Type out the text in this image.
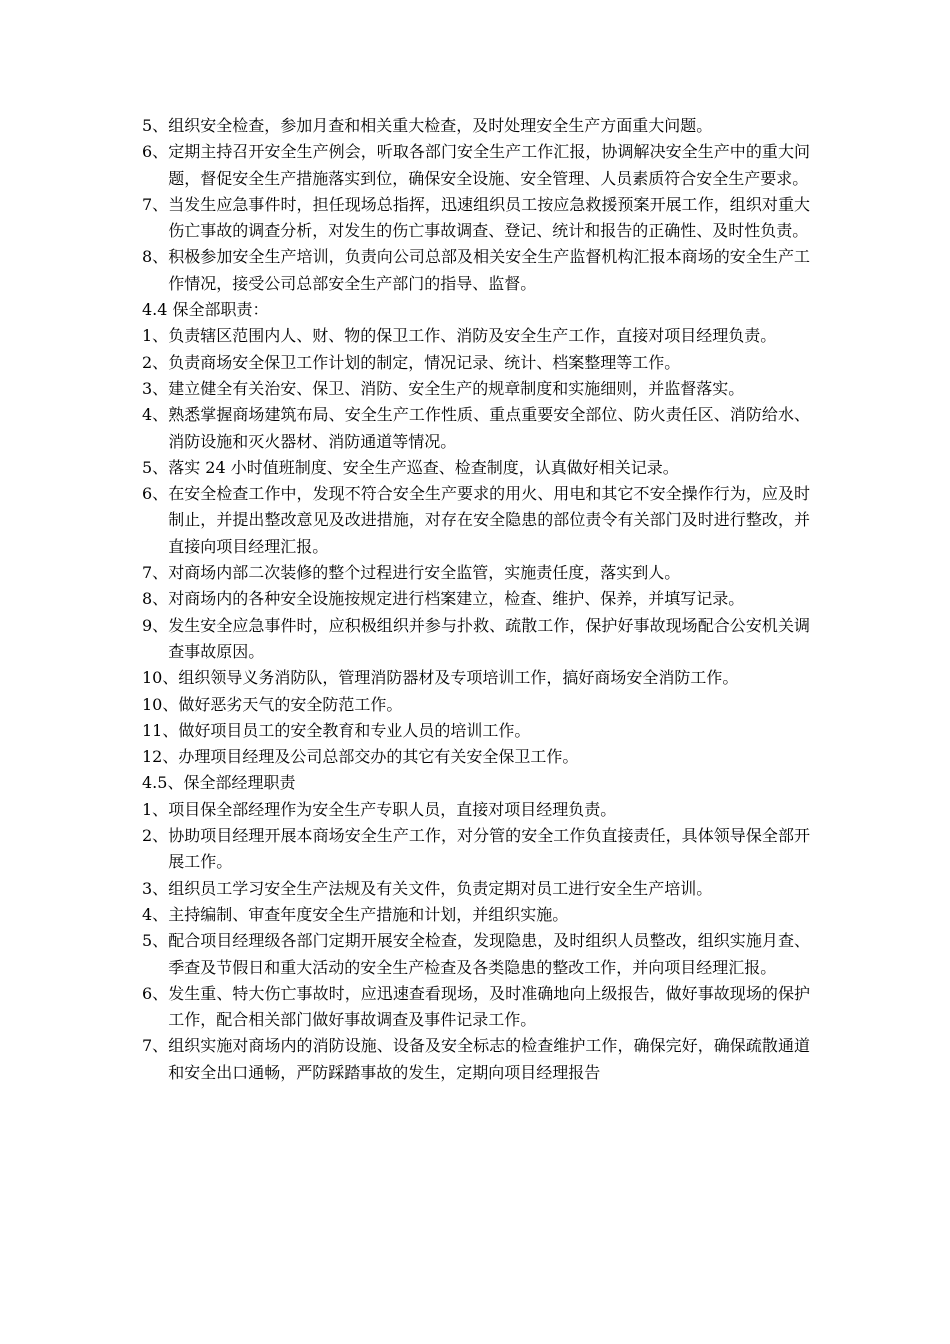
5、 组织安全检查，参加月查和相关重大检查，及时处理安全生产方面重大问题。
6、 定期主持召开安全生产例会，听取各部门安全生产工作汇报，协调解决安全生产中的重大问题，督促安全生产措施落实到位，确保安全设施、安全管理、人员素质符合安全生产要求。
7、 当发生应急事件时，担任现场总指挥，迅速组织员工按应急救援预案开展工作，组织对重大伤亡事故的调查分析，对发生的伤亡事故调查、登记、统计和报告的正确性、及时性负责。
8、 积极参加安全生产培训，负责向公司总部及相关安全生产监督机构汇报本商场的安全生产工作情况，接受公司总部安全生产部门的指导、监督。
4.4 保全部职责：
1、 负责辖区范围内人、财、物的保卫工作、消防及安全生产工作，直接对项目经理负责。
2、 负责商场安全保卫工作计划的制定，情况记录、统计、档案整理等工作。
3、 建立健全有关治安、保卫、消防、安全生产的规章制度和实施细则，并监督落实。
4、 熟悉掌握商场建筑布局、安全生产工作性质、重点重要安全部位、防火责任区、消防给水、消防设施和灭火器材、消防通道等情况。
5、 落实 24 小时值班制度、安全生产巡查、检查制度，认真做好相关记录。
6、 在安全检查工作中，发现不符合安全生产要求的用火、用电和其它不安全操作行为，应及时制止，并提出整改意见及改进措施，对存在安全隐患的部位责令有关部门及时进行整改，并直接向项目经理汇报。
7、 对商场内部二次装修的整个过程进行安全监管，实施责任度，落实到人。
8、 对商场内的各种安全设施按规定进行档案建立，检查、维护、保养，并填写记录。
9、 发生安全应急事件时，应积极组织并参与扑救、疏散工作，保护好事故现场配合公安机关调查事故原因。
10、 组织领导义务消防队，管理消防器材及专项培训工作，搞好商场安全消防工作。
10、 做好恶劣天气的安全防范工作。
11、 做好项目员工的安全教育和专业人员的培训工作。
12、 办理项目经理及公司总部交办的其它有关安全保卫工作。
4.5、保全部经理职责
1、 项目保全部经理作为安全生产专职人员，直接对项目经理负责。
2、 协助项目经理开展本商场安全生产工作，对分管的安全工作负直接责任，具体领导保全部开展工作。
3、 组织员工学习安全生产法规及有关文件，负责定期对员工进行安全生产培训。
4、 主持编制、审查年度安全生产措施和计划，并组织实施。
5、 配合项目经理级各部门定期开展安全检查，发现隐患，及时组织人员整改，组织实施月查、季查及节假日和重大活动的安全生产检查及各类隐患的整改工作，并向项目经理汇报。
6、 发生重、特大伤亡事故时，应迅速查看现场，及时准确地向上级报告，做好事故现场的保护工作，配合相关部门做好事故调查及事件记录工作。
7、 组织实施对商场内的消防设施、设备及安全标志的检查维护工作，确保完好，确保疏散通道和安全出口通畅，严防踩踏事故的发生，定期向项目经理报告
